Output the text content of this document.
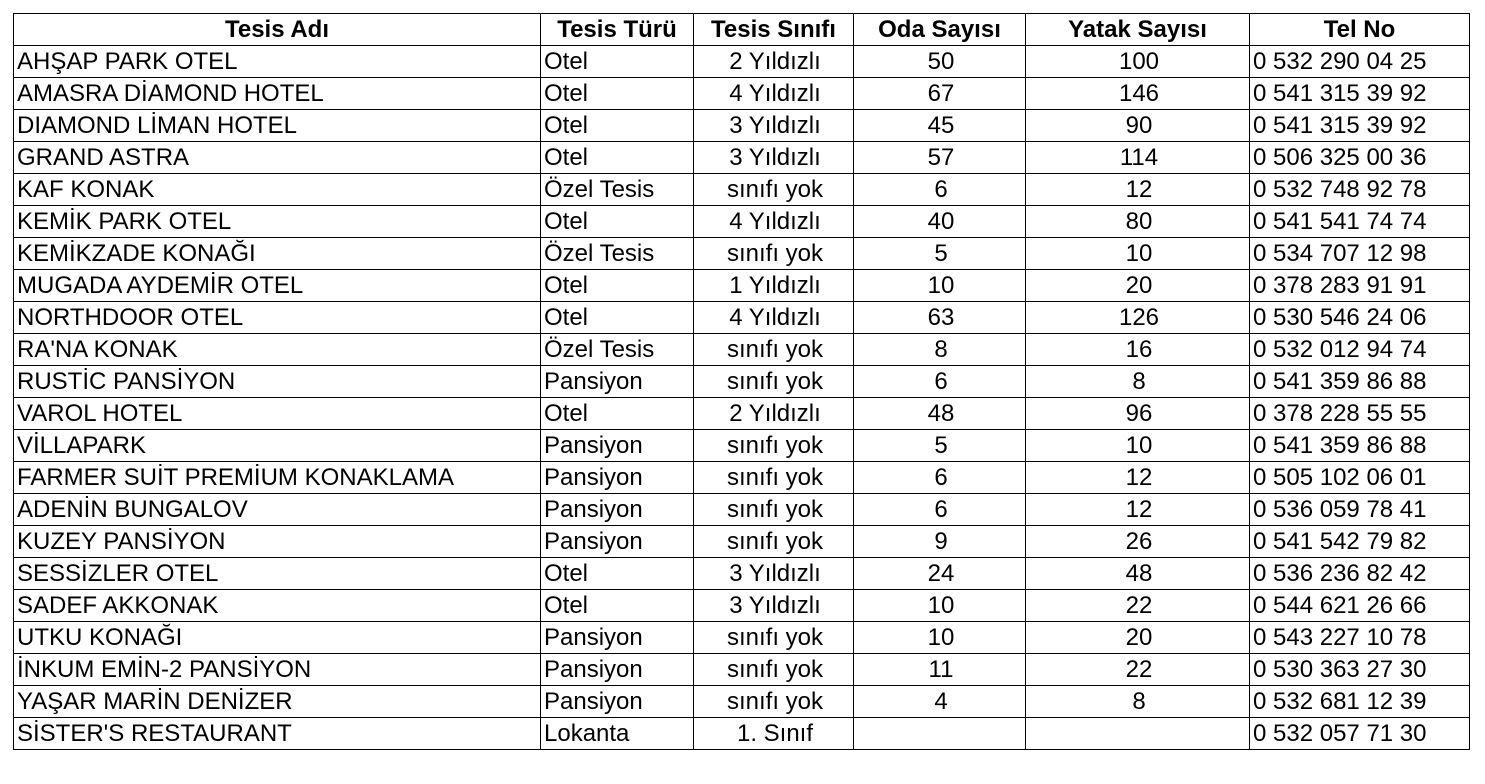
Tesis Adı	Tesis Türü	Tesis Sınıfı	Oda Sayısı	Yatak Sayısı	Tel No
AHŞAP PARK OTEL	Otel	2 Yıldızlı	50	100	0 532 290 04 25
AMASRA DİAMOND HOTEL	Otel	4 Yıldızlı	67	146	0 541 315 39 92
DIAMOND LİMAN HOTEL	Otel	3 Yıldızlı	45	90	0 541 315 39 92
GRAND ASTRA	Otel	3 Yıldızlı	57	114	0 506 325 00 36
KAF KONAK	Özel Tesis	sınıfı yok	6	12	0 532 748 92 78
KEMİK PARK OTEL	Otel	4 Yıldızlı	40	80	0 541 541 74 74
KEMİKZADE KONAĞI	Özel Tesis	sınıfı yok	5	10	0 534 707 12 98
MUGADA AYDEMİR OTEL	Otel	1 Yıldızlı	10	20	0 378 283 91 91
NORTHDOOR OTEL	Otel	4 Yıldızlı	63	126	0 530 546 24 06
RA'NA KONAK	Özel Tesis	sınıfı yok	8	16	0 532 012 94 74
RUSTİC PANSİYON	Pansiyon	sınıfı yok	6	8	0 541 359 86 88
VAROL HOTEL	Otel	2 Yıldızlı	48	96	0 378 228 55 55
VİLLAPARK	Pansiyon	sınıfı yok	5	10	0 541 359 86 88
FARMER SUİT PREMİUM KONAKLAMA	Pansiyon	sınıfı yok	6	12	0 505 102 06 01
ADENİN BUNGALOV	Pansiyon	sınıfı yok	6	12	0 536 059 78 41
KUZEY PANSİYON	Pansiyon	sınıfı yok	9	26	0 541 542 79 82
SESSİZLER OTEL	Otel	3 Yıldızlı	24	48	0 536 236 82 42
SADEF AKKONAK	Otel	3 Yıldızlı	10	22	0 544 621 26 66
UTKU KONAĞI	Pansiyon	sınıfı yok	10	20	0 543 227 10 78
İNKUM EMİN-2 PANSİYON	Pansiyon	sınıfı yok	11	22	0 530 363 27 30
YAŞAR MARİN DENİZER	Pansiyon	sınıfı yok	4	8	0 532 681 12 39
SİSTER'S RESTAURANT	Lokanta	1. Sınıf			0 532 057 71 30
